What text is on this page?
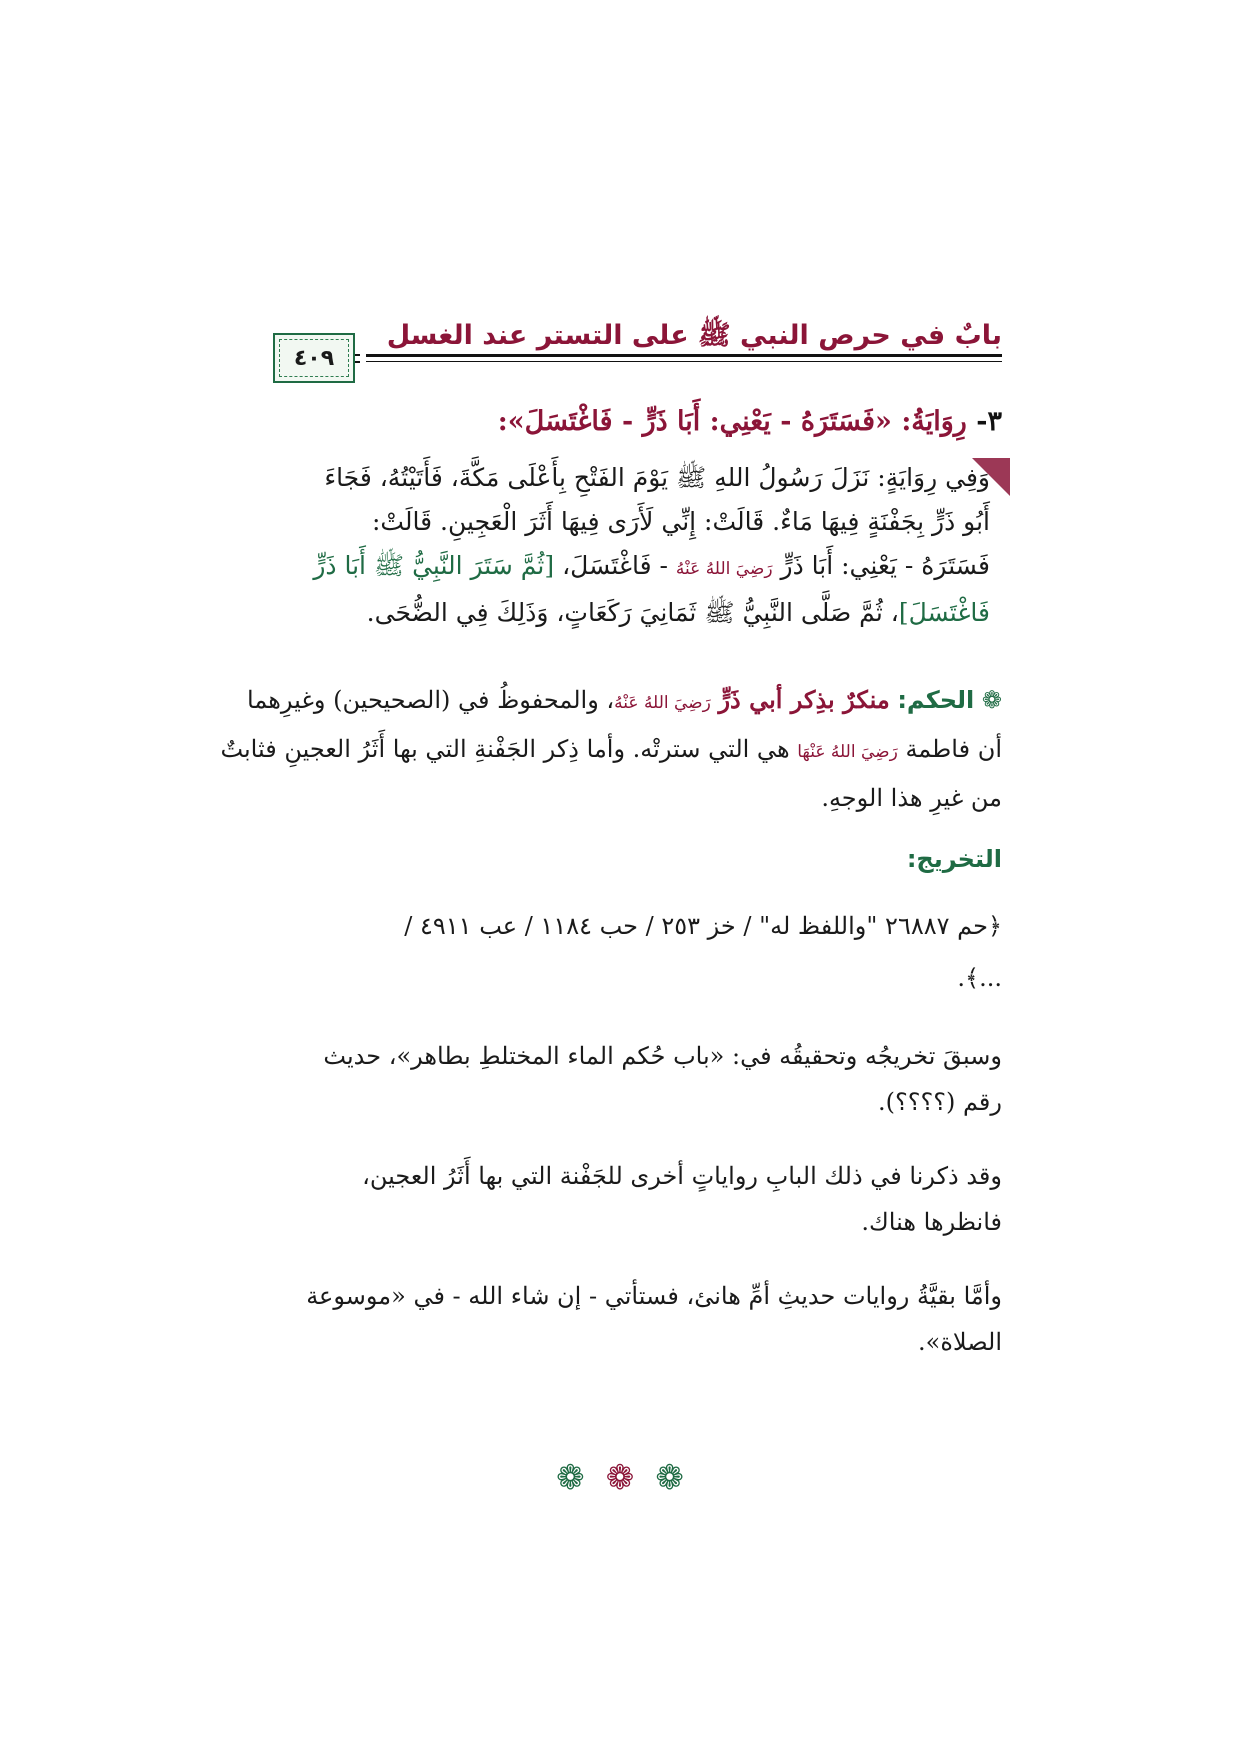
بابٌ في حرص النبي ﷺ على التستر عند الغسل
٤٠٩
٣- رِوَايَةُ: «فَسَتَرَهُ - يَعْنِي: أَبَا ذَرٍّ - فَاغْتَسَلَ»:
وَفِي رِوَايَةٍ: نَزَلَ رَسُولُ اللهِ ﷺ يَوْمَ الفَتْحِ بِأَعْلَى مَكَّةَ، فَأَتَيْتُهُ، فَجَاءَ
أَبُو ذَرٍّ بِجَفْنَةٍ فِيهَا مَاءٌ. قَالَتْ: إِنِّي لَأَرَى فِيهَا أَثَرَ الْعَجِينِ. قَالَتْ:
فَسَتَرَهُ - يَعْنِي: أَبَا ذَرٍّ رَضِيَ اللهُ عَنْهُ - فَاغْتَسَلَ، [ثُمَّ سَتَرَ النَّبِيُّ ﷺ أَبَا ذَرٍّ
فَاغْتَسَلَ]، ثُمَّ صَلَّى النَّبِيُّ ﷺ ثَمَانِيَ رَكَعَاتٍ، وَذَلِكَ فِي الضُّحَى.
❁ الحكم: منكرٌ بذِكر أبي ذَرٍّ رَضِيَ اللهُ عَنْهُ، والمحفوظُ في (الصحيحين) وغيرِهما
أن فاطمة رَضِيَ اللهُ عَنْهَا هي التي سترتْه. وأما ذِكر الجَفْنةِ التي بها أَثَرُ العجينِ فثابتٌ
من غيرِ هذا الوجهِ.
التخريج:
﴿حم ٢٦٨٨٧ "واللفظ له" / خز ٢٥٣ / حب ١١٨٤ / عب ٤٩١١ /
...﴾.
وسبقَ تخريجُه وتحقيقُه في: «باب حُكم الماء المختلطِ بطاهر»، حديث
رقم (؟؟؟؟).
وقد ذكرنا في ذلك البابِ رواياتٍ أخرى للجَفْنة التي بها أَثَرُ العجين،
فانظرها هناك.
وأمَّا بقيَّةُ روايات حديثِ أمِّ هانئ، فستأتي - إن شاء الله - في «موسوعة
الصلاة».
❁ ❁ ❁
